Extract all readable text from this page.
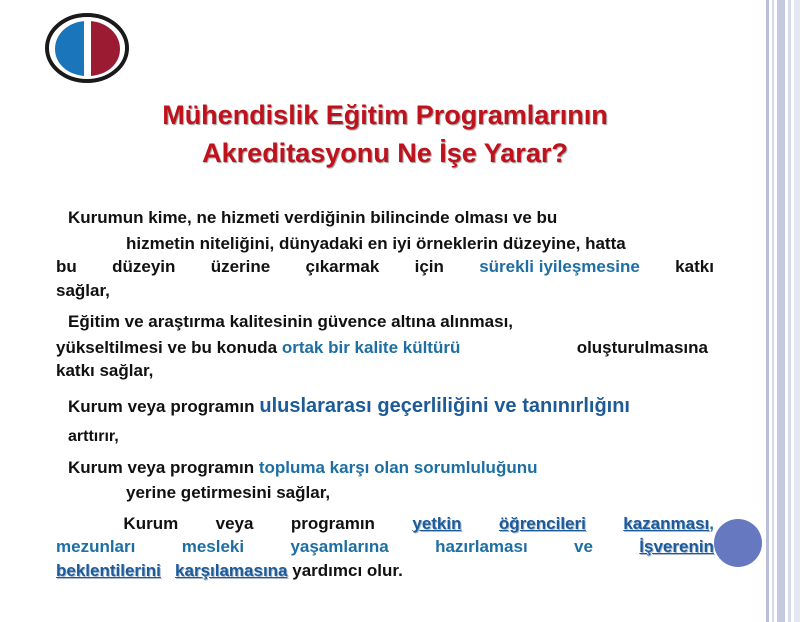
Mühendislik Eğitim Programlarının
Akreditasyonu Ne İşe Yarar?
Kurumun kime, ne hizmeti verdiğinin bilincinde olması ve bu
hizmetin niteliğini, dünyadaki en iyi örneklerin düzeyine, hatta
bu düzeyin üzerine çıkarmak için sürekli iyileşmesine katkı
sağlar,
Eğitim ve araştırma kalitesinin güvence altına alınması,
yükseltilmesi ve bu konuda ortak bir kalite kültürü	oluşturulmasına
katkı sağlar,
Kurum veya programın uluslararası geçerliliğini ve tanınırlığını arttırır,
Kurum veya programın topluma karşı olan sorumluluğunu
yerine getirmesini sağlar,
Kurum veya programın yetkin öğrencileri kazanması,
mezunları	mesleki	yaşamlarına	hazırlaması	ve	İşverenin
beklentilerini karşılamasına yardımcı olur.
